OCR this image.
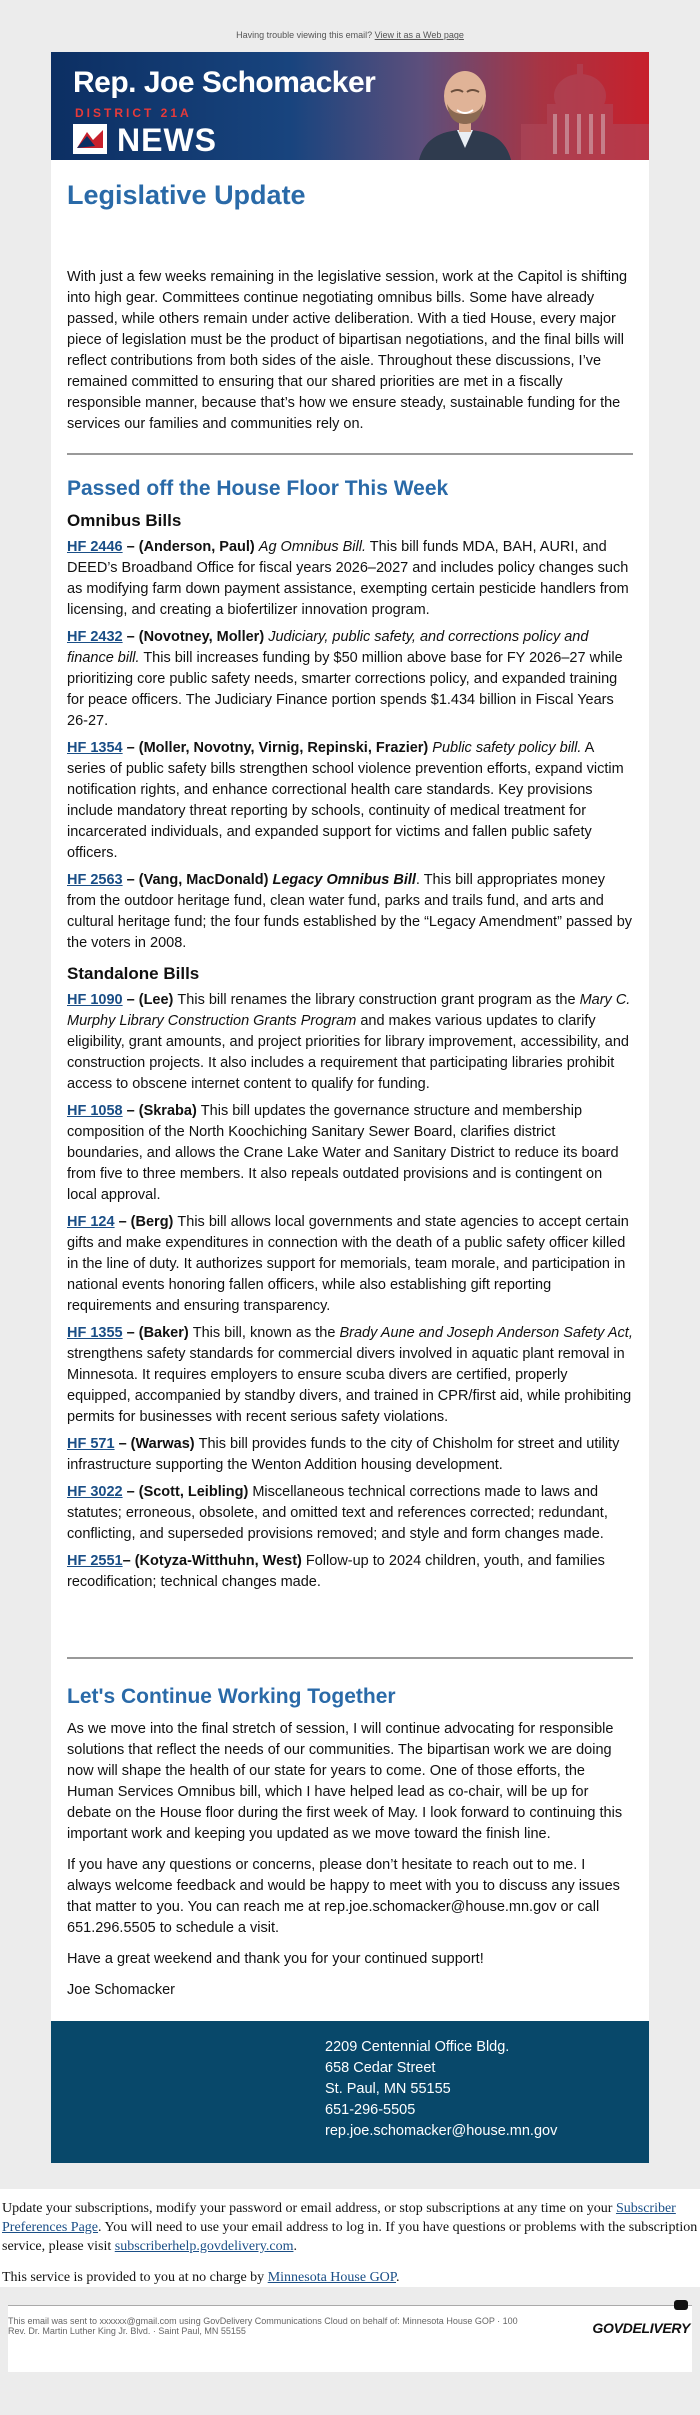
Having trouble viewing this email? View it as a Web page
Rep. Joe Schomacker
DISTRICT 21A
NEWS
Legislative Update

With just a few weeks remaining in the legislative session, work at the Capitol is shifting into high gear. Committees continue negotiating omnibus bills. Some have already passed, while others remain under active deliberation. With a tied House, every major piece of legislation must be the product of bipartisan negotiations, and the final bills will reflect contributions from both sides of the aisle. Throughout these discussions, I’ve remained committed to ensuring that our shared priorities are met in a fiscally responsible manner, because that’s how we ensure steady, sustainable funding for the services our families and communities rely on.

Passed off the House Floor This Week
Omnibus Bills

HF 2446 – (Anderson, Paul) Ag Omnibus Bill. This bill funds MDA, BAH, AURI, and DEED’s Broadband Office for fiscal years 2026–2027 and includes policy changes such as modifying farm down payment assistance, exempting certain pesticide handlers from licensing, and creating a biofertilizer innovation program.

HF 2432 – (Novotney, Moller) Judiciary, public safety, and corrections policy and finance bill. This bill increases funding by $50 million above base for FY 2026–27 while prioritizing core public safety needs, smarter corrections policy, and expanded training for peace officers. The Judiciary Finance portion spends $1.434 billion in Fiscal Years 26-27.

HF 1354 – (Moller, Novotny, Virnig, Repinski, Frazier) Public safety policy bill. A series of public safety bills strengthen school violence prevention efforts, expand victim notification rights, and enhance correctional health care standards. Key provisions include mandatory threat reporting by schools, continuity of medical treatment for incarcerated individuals, and expanded support for victims and fallen public safety officers.

HF 2563 – (Vang, MacDonald) Legacy Omnibus Bill. This bill appropriates money from the outdoor heritage fund, clean water fund, parks and trails fund, and arts and cultural heritage fund; the four funds established by the “Legacy Amendment” passed by the voters in 2008.

Standalone Bills

HF 1090 – (Lee) This bill renames the library construction grant program as the Mary C. Murphy Library Construction Grants Program and makes various updates to clarify eligibility, grant amounts, and project priorities for library improvement, accessibility, and construction projects. It also includes a requirement that participating libraries prohibit access to obscene internet content to qualify for funding.

HF 1058 – (Skraba) This bill updates the governance structure and membership composition of the North Koochiching Sanitary Sewer Board, clarifies district boundaries, and allows the Crane Lake Water and Sanitary District to reduce its board from five to three members. It also repeals outdated provisions and is contingent on local approval.

HF 124 – (Berg) This bill allows local governments and state agencies to accept certain gifts and make expenditures in connection with the death of a public safety officer killed in the line of duty. It authorizes support for memorials, team morale, and participation in national events honoring fallen officers, while also establishing gift reporting requirements and ensuring transparency.

HF 1355 – (Baker) This bill, known as the Brady Aune and Joseph Anderson Safety Act, strengthens safety standards for commercial divers involved in aquatic plant removal in Minnesota. It requires employers to ensure scuba divers are certified, properly equipped, accompanied by standby divers, and trained in CPR/first aid, while prohibiting permits for businesses with recent serious safety violations.

HF 571 – (Warwas) This bill provides funds to the city of Chisholm for street and utility infrastructure supporting the Wenton Addition housing development.

HF 3022 – (Scott, Leibling) Miscellaneous technical corrections made to laws and statutes; erroneous, obsolete, and omitted text and references corrected; redundant, conflicting, and superseded provisions removed; and style and form changes made.

HF 2551– (Kotyza-Witthuhn, West) Follow-up to 2024 children, youth, and families recodification; technical changes made.

Let's Continue Working Together

As we move into the final stretch of session, I will continue advocating for responsible solutions that reflect the needs of our communities. The bipartisan work we are doing now will shape the health of our state for years to come. One of those efforts, the Human Services Omnibus bill, which I have helped lead as co-chair, will be up for debate on the House floor during the first week of May. I look forward to continuing this important work and keeping you updated as we move toward the finish line.

If you have any questions or concerns, please don’t hesitate to reach out to me. I always welcome feedback and would be happy to meet with you to discuss any issues that matter to you. You can reach me at rep.joe.schomacker@house.mn.gov or call 651.296.5505 to schedule a visit.

Have a great weekend and thank you for your continued support!

Joe Schomacker

2209 Centennial Office Bldg.
658 Cedar Street
St. Paul, MN 55155
651-296-5505
rep.joe.schomacker@house.mn.gov

Update your subscriptions, modify your password or email address, or stop subscriptions at any time on your Subscriber Preferences Page. You will need to use your email address to log in. If you have questions or problems with the subscription service, please visit subscriberhelp.govdelivery.com.

This service is provided to you at no charge by Minnesota House GOP.

This email was sent to xxxxxx@gmail.com using GovDelivery Communications Cloud on behalf of: Minnesota House GOP · 100
Rev. Dr. Martin Luther King Jr. Blvd. · Saint Paul, MN 55155	GOVDELIVERY
